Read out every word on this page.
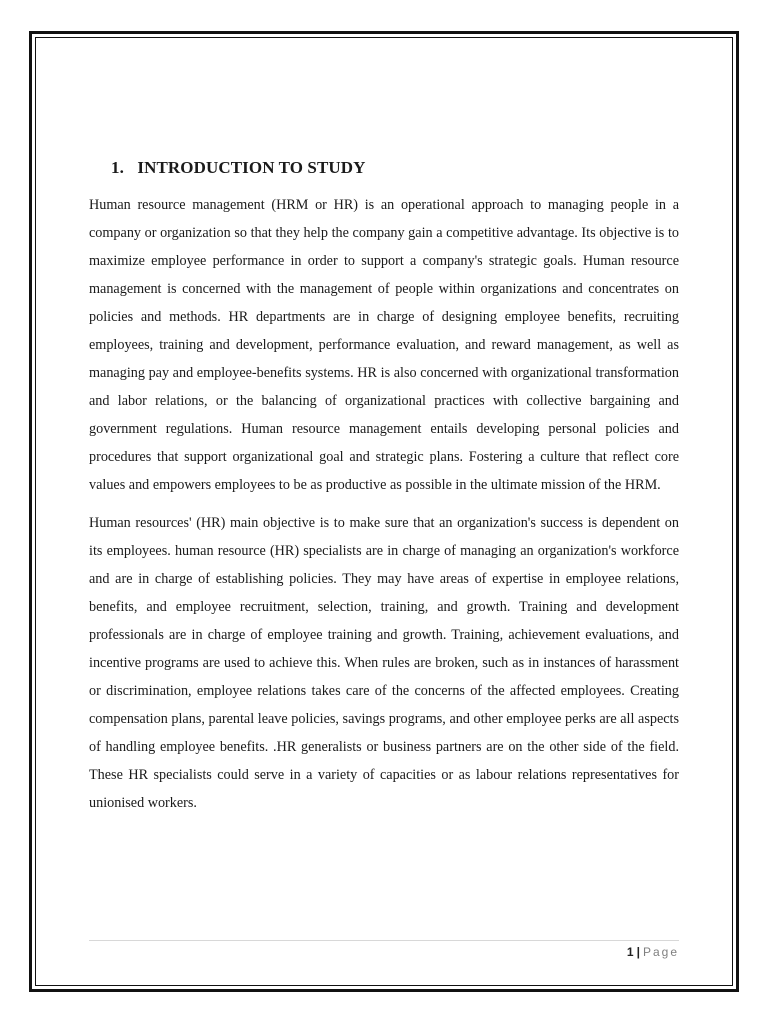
1. INTRODUCTION TO STUDY

Human resource management (HRM or HR) is an operational approach to managing people in a company or organization so that they help the company gain a competitive advantage. Its objective is to maximize employee performance in order to support a company's strategic goals. Human resource management is concerned with the management of people within organizations and concentrates on policies and methods. HR departments are in charge of designing employee benefits, recruiting employees, training and development, performance evaluation, and reward management, as well as managing pay and employee-benefits systems. HR is also concerned with organizational transformation and labor relations, or the balancing of organizational practices with collective bargaining and government regulations. Human resource management entails developing personal policies and procedures that support organizational goal and strategic plans. Fostering a culture that reflect core values and empowers employees to be as productive as possible in the ultimate mission of the HRM.

Human resources' (HR) main objective is to make sure that an organization's success is dependent on its employees. human resource (HR) specialists are in charge of managing an organization's workforce and are in charge of establishing policies. They may have areas of expertise in employee relations, benefits, and employee recruitment, selection, training, and growth. Training and development professionals are in charge of employee training and growth. Training, achievement evaluations, and incentive programs are used to achieve this. When rules are broken, such as in instances of harassment or discrimination, employee relations takes care of the concerns of the affected employees. Creating compensation plans, parental leave policies, savings programs, and other employee perks are all aspects of handling employee benefits. .HR generalists or business partners are on the other side of the field. These HR specialists could serve in a variety of capacities or as labour relations representatives for unionised workers.

1 | Page
